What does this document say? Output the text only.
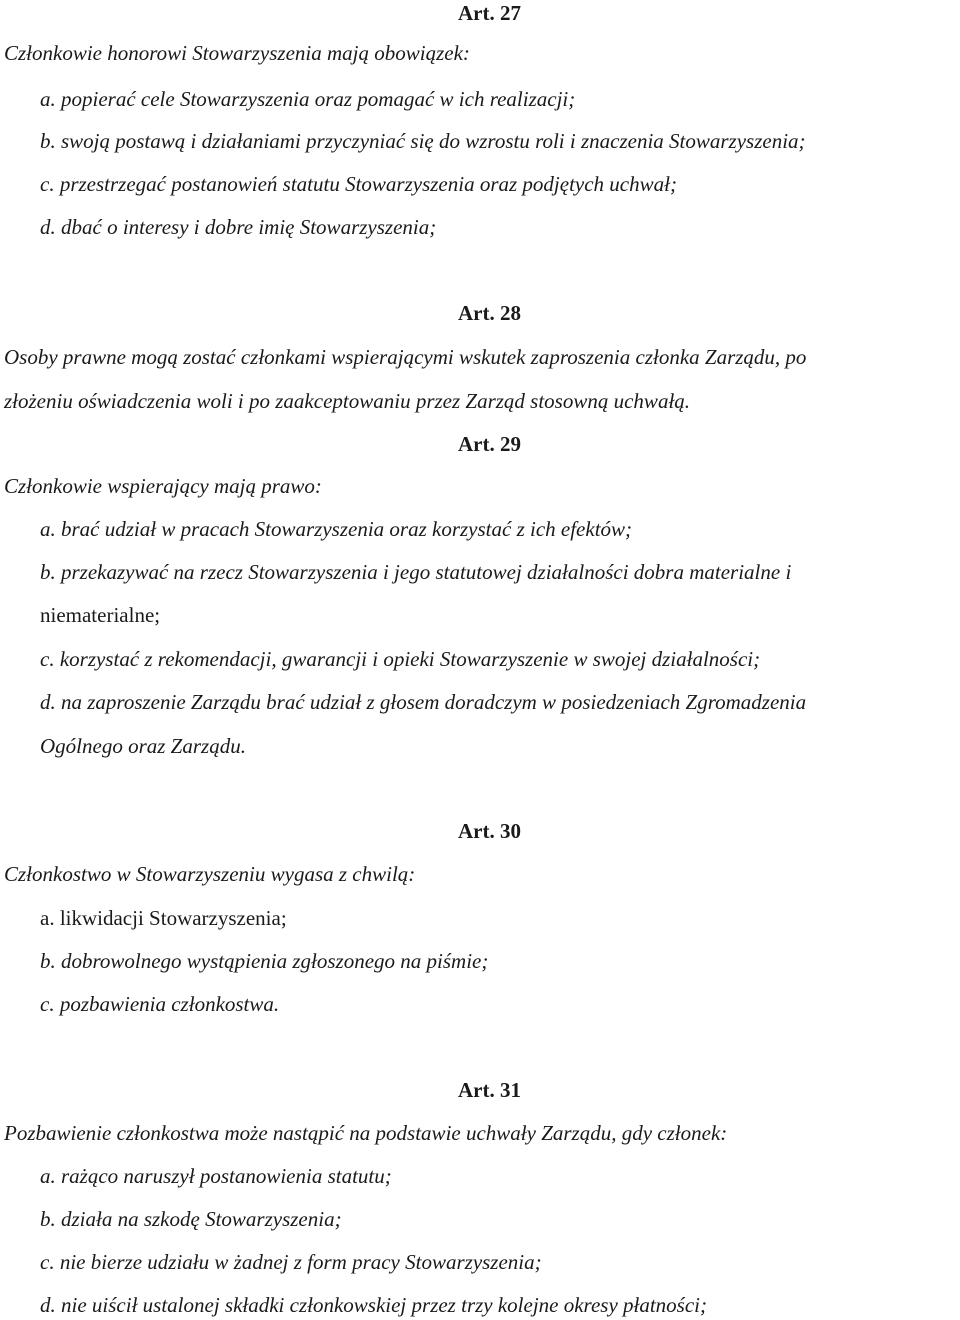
Art. 27
Członkowie honorowi Stowarzyszenia mają obowiązek:
a. popierać cele Stowarzyszenia oraz pomagać w ich realizacji;
b. swoją postawą i działaniami przyczyniać się do wzrostu roli i znaczenia Stowarzyszenia;
c. przestrzegać postanowień statutu Stowarzyszenia oraz podjętych uchwał;
d. dbać o interesy i dobre imię Stowarzyszenia;
Art. 28
Osoby prawne mogą zostać członkami wspierającymi wskutek zaproszenia członka Zarządu, po
złożeniu oświadczenia woli i po zaakceptowaniu przez Zarząd stosowną uchwałą.
Art. 29
Członkowie wspierający mają prawo:
a. brać udział w pracach Stowarzyszenia oraz korzystać z ich efektów;
b. przekazywać na rzecz Stowarzyszenia i jego statutowej działalności dobra materialne i
niematerialne;
c. korzystać z rekomendacji, gwarancji i opieki Stowarzyszenie w swojej działalności;
d. na zaproszenie Zarządu brać udział z głosem doradczym w posiedzeniach Zgromadzenia
Ogólnego oraz Zarządu.
Art. 30
Członkostwo w Stowarzyszeniu wygasa z chwilą:
a. likwidacji Stowarzyszenia;
b. dobrowolnego wystąpienia zgłoszonego na piśmie;
c. pozbawienia członkostwa.
Art. 31
Pozbawienie członkostwa może nastąpić na podstawie uchwały Zarządu, gdy członek:
a. rażąco naruszył postanowienia statutu;
b. działa na szkodę Stowarzyszenia;
c. nie bierze udziału w żadnej z form pracy Stowarzyszenia;
d. nie uiścił ustalonej składki członkowskiej przez trzy kolejne okresy płatności;
